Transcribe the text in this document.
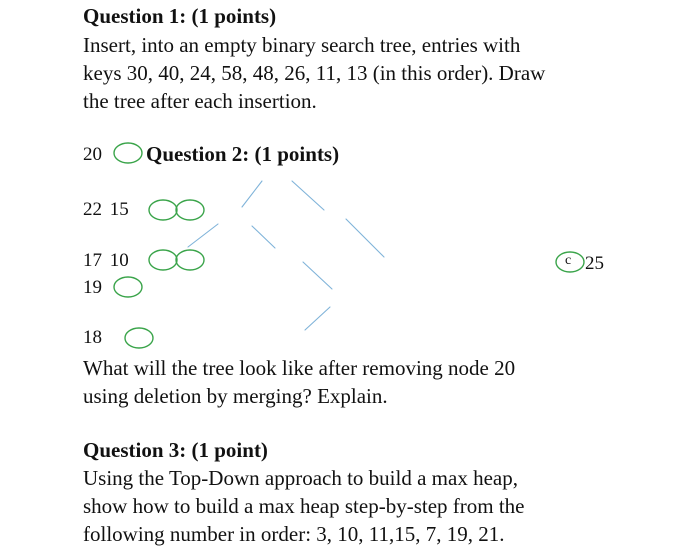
Question 1: (1 points)
Insert, into an empty binary search tree, entries with
keys 30, 40, 24, 58, 48, 26, 11, 13 (in this order). Draw
the tree after each insertion.
20 Question 2: (1 points)
22 15
17 10
19
18
25
c
What will the tree look like after removing node 20
using deletion by merging? Explain.
Question 3: (1 point)
Using the Top-Down approach to build a max heap,
show how to build a max heap step-by-step from the
following number in order: 3, 10, 11,15, 7, 19, 21.
